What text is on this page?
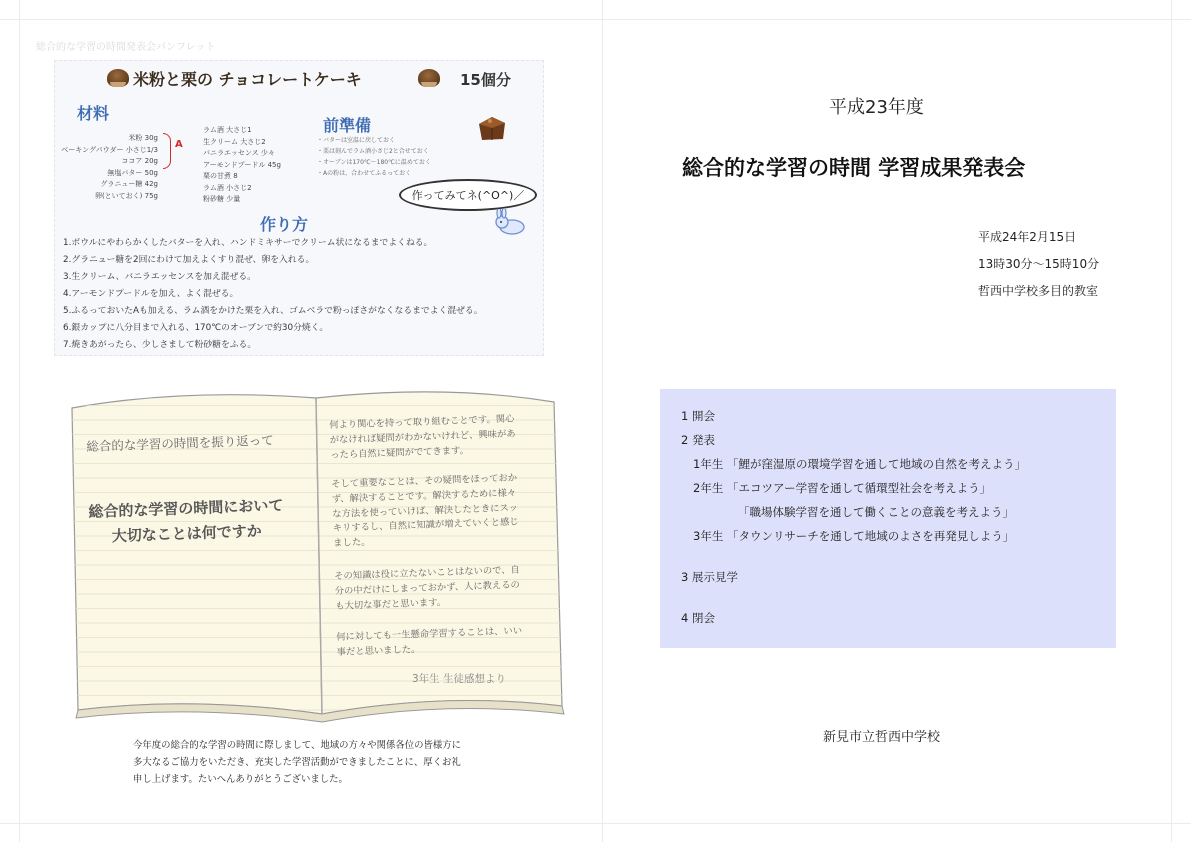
総合的な学習の時間発表会パンフレット
米粉と栗の チョコレートケーキ	15個分
材料
米粉 30g
ベーキングパウダー 小さじ1/3
ココア 20g
無塩バター 50g
グラニュー糖 42g
卵(といておく) 75g
A
ラム酒 大さじ1
生クリーム 大さじ2
バニラエッセンス 少々
アーモンドプードル 45g
栗の甘煮 8
ラム酒 小さじ2
粉砂糖 少量
前準備
・バターは室温に戻しておく
・栗は刻んでラム酒小さじ2と合せておく
・オーブンは170℃〜180℃に温めておく
・Aの粉は、合わせてふるっておく
作ってみてネ(^O^)／
作り方
1.ボウルにやわらかくしたバターを入れ、ハンドミキサーでクリーム状になるまでよくねる。
2.グラニュー糖を2回にわけて加えよくすり混ぜ、卵を入れる。
3.生クリーム、バニラエッセンスを加え混ぜる。
4.アーモンドプードルを加え、よく混ぜる。
5.ふるっておいたAも加える、ラム酒をかけた栗を入れ、ゴムベラで粉っぽさがなくなるまでよく混ぜる。
6.銀カップに八分目まで入れる、170℃のオーブンで約30分焼く。
7.焼きあがったら、少しさまして粉砂糖をふる。
総合的な学習の時間を振り返って
総合的な学習の時間において
大切なことは何ですか
何より関心を持って取り組むことです。関心
がなければ疑問がわかないけれど、興味があ
ったら自然に疑問がでてきます。
そして重要なことは、その疑問をほっておか
ず、解決することです。解決するために様々
な方法を使っていけば、解決したときにスッ
キリするし、自然に知識が増えていくと感じ
ました。
その知識は役に立たないことはないので、自
分の中だけにしまっておかず、人に教えるの
も大切な事だと思います。
何に対しても一生懸命学習することは、いい
事だと思いました。
3年生 生徒感想より
今年度の総合的な学習の時間に際しまして、地域の方々や関係各位の皆様方に
多大なるご協力をいただき、充実した学習活動ができましたことに、厚くお礼
申し上げます。たいへんありがとうございました。
平成23年度
総合的な学習の時間 学習成果発表会
平成24年2月15日
13時30分〜15時10分
哲西中学校多目的教室
1 開会
2 発表
1年生 「鯉が窪湿原の環境学習を通して地域の自然を考えよう」
2年生 「エコツアー学習を通して循環型社会を考えよう」
「職場体験学習を通して働くことの意義を考えよう」
3年生 「タウンリサーチを通して地域のよさを再発見しよう」
3 展示見学
4 閉会
新見市立哲西中学校
